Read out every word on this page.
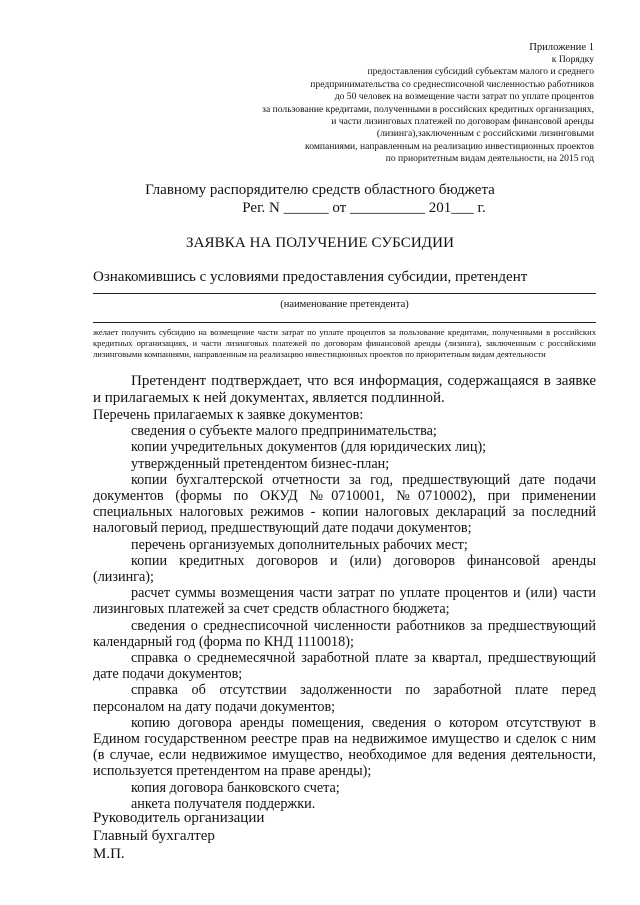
Приложение 1
к Порядку
предоставления субсидий субъектам малого и среднего
предпринимательства со среднесписочной численностью работников
до 50 человек на возмещение части затрат по уплате процентов
за пользование кредитами, полученными в российских кредитных организациях,
и части лизинговых платежей по договорам финансовой аренды
(лизинга),заключенным с российскими лизинговыми
компаниями, направленным на реализацию инвестиционных проектов
по приоритетным видам деятельности, на 2015 год
Главному распорядителю средств областного бюджета
Рег. N ______ от __________ 201___ г.
ЗАЯВКА НА ПОЛУЧЕНИЕ СУБСИДИИ
Ознакомившись с условиями предоставления субсидии, претендент
(наименование претендента)
желает получить субсидию на возмещение части затрат по уплате процентов за пользование кредитами, полученными в российских кредитных организациях, и части лизинговых платежей по договорам финансовой аренды (лизинга), заключенным с российскими лизинговыми компаниями, направленным на реализацию инвестиционных проектов по приоритетным видам деятельности

Претендент подтверждает, что вся информация, содержащаяся в заявке и прилагаемых к ней документах, является подлинной.

Перечень прилагаемых к заявке документов:

сведения о субъекте малого предпринимательства;

копии учредительных документов (для юридических лиц);

утвержденный претендентом бизнес-план;

копии бухгалтерской отчетности за год, предшествующий дате подачи документов (формы по ОКУД №0710001, №0710002), при применении специальных налоговых режимов - копии налоговых деклараций за последний налоговый период, предшествующий дате подачи документов;

перечень организуемых дополнительных рабочих мест;

копии кредитных договоров и (или) договоров финансовой аренды (лизинга);

расчет суммы возмещения части затрат по уплате процентов и (или) части лизинговых платежей за счет средств областного бюджета;

сведения о среднесписочной численности работников за предшествующий календарный год (форма по КНД 1110018);

справка о среднемесячной заработной плате за квартал, предшествующий дате подачи документов;

справка об отсутствии задолженности по заработной плате перед персоналом на дату подачи документов;

копию договора аренды помещения, сведения о котором отсутствуют в Едином государственном реестре прав на недвижимое имущество и сделок с ним (в случае, если недвижимое имущество, необходимое для ведения деятельности, используется претендентом на праве аренды);

копия договора банковского счета;

анкета получателя поддержки.

Руководитель организации
Главный бухгалтер
М.П.
